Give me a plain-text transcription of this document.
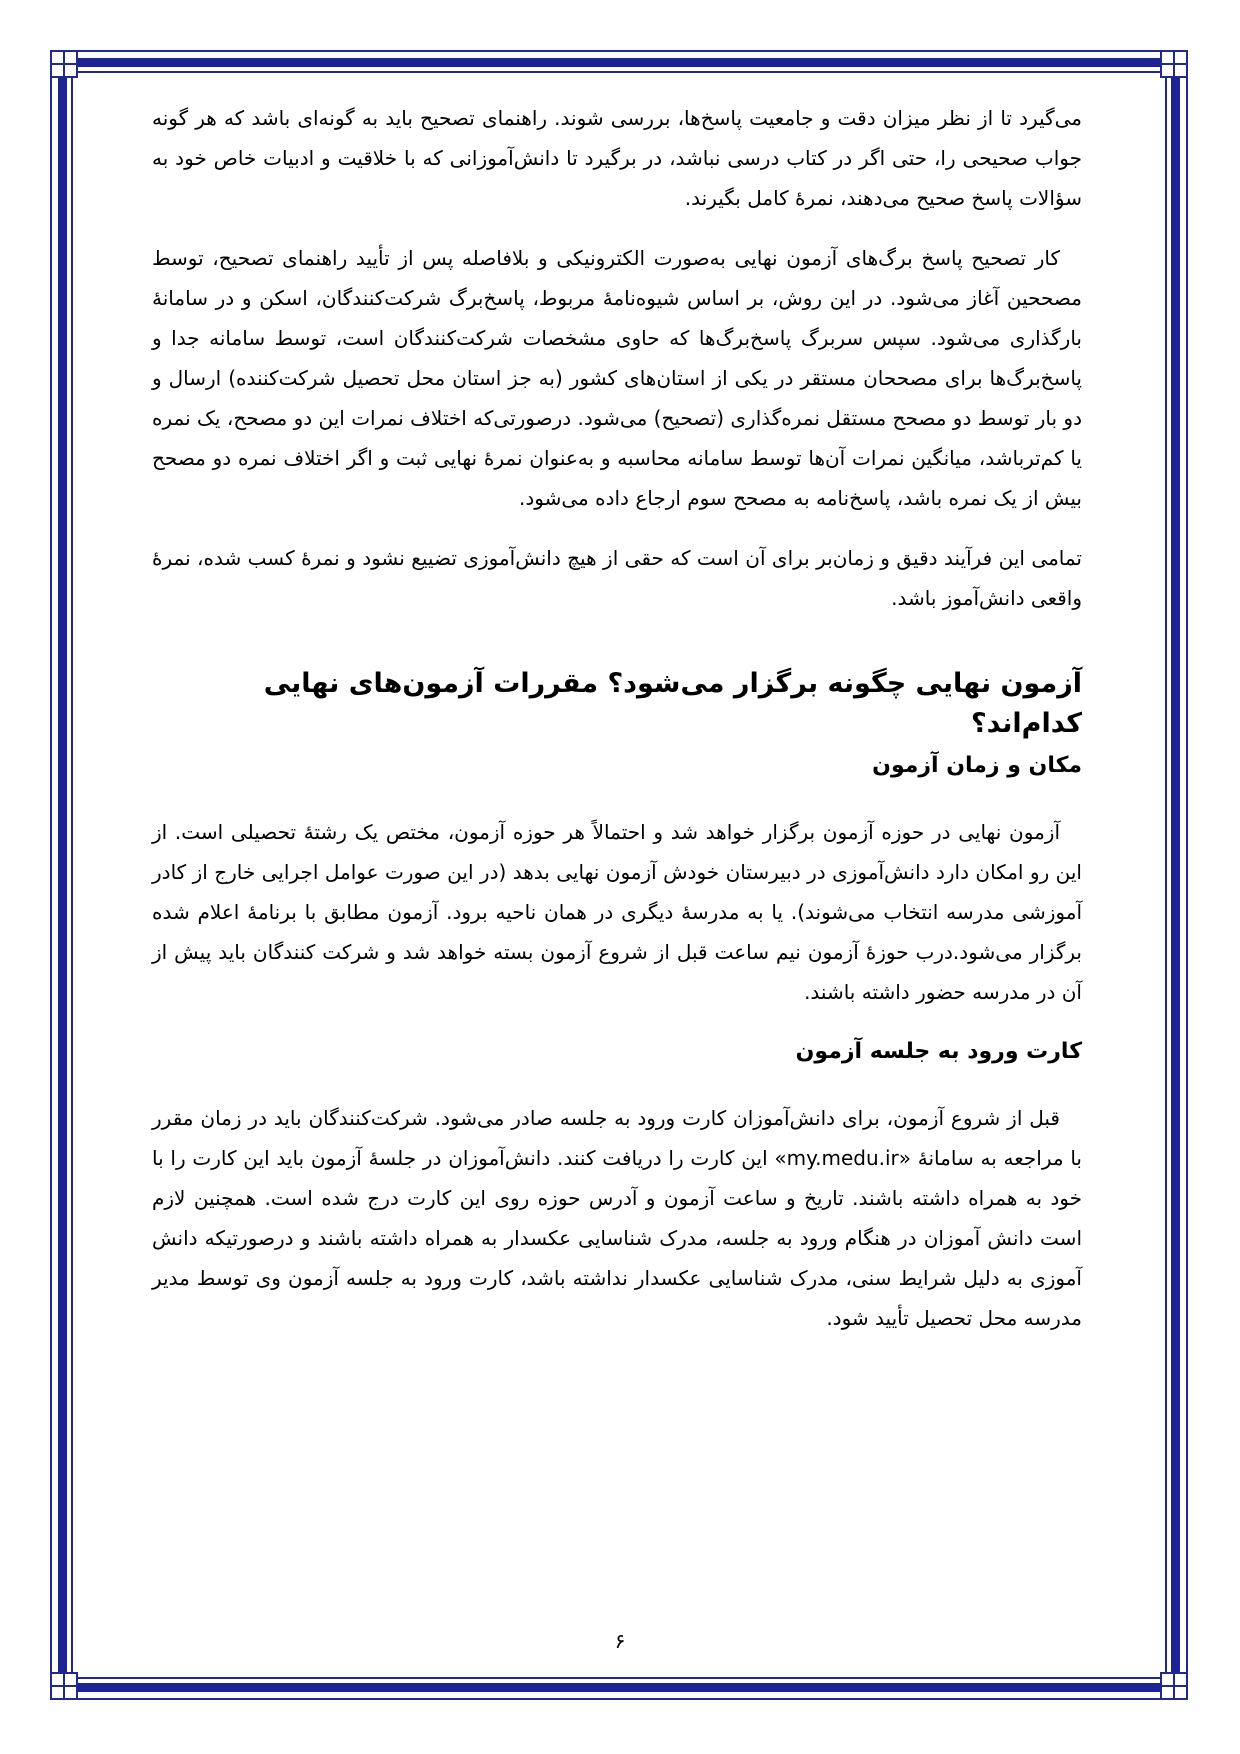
می‌گیرد تا از نظر میزان دقت و جامعیت پاسخ‌ها، بررسی شوند. راهنمای تصحیح باید به گونه‌ای باشد که هر گونه جواب صحیحی را، حتی اگر در کتاب درسی نباشد، در برگیرد تا دانش‌آموزانی که با خلاقیت و ادبیات خاص خود به سؤالات پاسخ صحیح می‌دهند، نمرهٔ کامل بگیرند.

کار تصحیح پاسخ برگ‌های آزمون نهایی به‌صورت الکترونیکی و بلافاصله پس از تأیید راهنمای تصحیح، توسط مصححین آغاز می‌شود. در این روش، بر اساس شیوه‌نامهٔ مربوط، پاسخ‌برگ شرکت‌کنندگان، اسکن و در سامانهٔ بارگذاری می‌شود. سپس سربرگ پاسخ‌برگ‌ها که حاوی مشخصات شرکت‌کنندگان است، توسط سامانه جدا و پاسخ‌برگ‌ها برای مصححان مستقر در یکی از استان‌های کشور (به جز استان محل تحصیل شرکت‌کننده) ارسال و دو بار توسط دو مصحح مستقل نمره‌گذاری (تصحیح) می‌شود. درصورتی‌که اختلاف نمرات این دو مصحح، یک نمره یا کم‌ترباشد، میانگین نمرات آن‌ها توسط سامانه محاسبه و به‌عنوان نمرهٔ نهایی ثبت و اگر اختلاف نمره دو مصحح بیش از یک نمره باشد، پاسخ‌نامه به مصحح سوم ارجاع داده می‌شود.

تمامی این فرآیند دقیق و زمان‌بر برای آن است که حقی از هیچ دانش‌آموزی تضییع نشود و نمرهٔ کسب شده، نمرهٔ واقعی دانش‌آموز باشد.

آزمون نهایی چگونه برگزار می‌شود؟ مقررات آزمون‌های نهایی کدام‌اند؟
مکان و زمان آزمون

آزمون نهایی در حوزه آزمون برگزار خواهد شد و احتمالاً هر حوزه آزمون، مختص یک رشتهٔ تحصیلی است. از این رو امکان دارد دانش‌آموزی در دبیرستان خودش آزمون نهایی بدهد (در این صورت عوامل اجرایی خارج از کادر آموزشی مدرسه انتخاب می‌شوند). یا به مدرسهٔ دیگری در همان ناحیه برود. آزمون مطابق با برنامهٔ اعلام شده برگزار می‌شود.درب حوزهٔ آزمون نیم ساعت قبل از شروع آزمون بسته خواهد شد و شرکت کنندگان باید پیش از آن در مدرسه حضور داشته باشند.

کارت ورود به جلسه آزمون

قبل از شروع آزمون، برای دانش‌آموزان کارت ورود به جلسه صادر می‌شود. شرکت‌کنندگان باید در زمان مقرر با مراجعه به سامانهٔ «my.medu.ir» این کارت را دریافت کنند. دانش‌آموزان در جلسهٔ آزمون باید این کارت را با خود به همراه داشته باشند. تاریخ و ساعت آزمون و آدرس حوزه روی این کارت درج شده است. همچنین لازم است دانش آموزان در هنگام ورود به جلسه، مدرک شناسایی عکسدار به همراه داشته باشند و درصورتیکه دانش آموزی به دلیل شرایط سنی، مدرک شناسایی عکسدار نداشته باشد، کارت ورود به جلسه آزمون وی توسط مدیر مدرسه محل تحصیل تأیید شود.

۶
